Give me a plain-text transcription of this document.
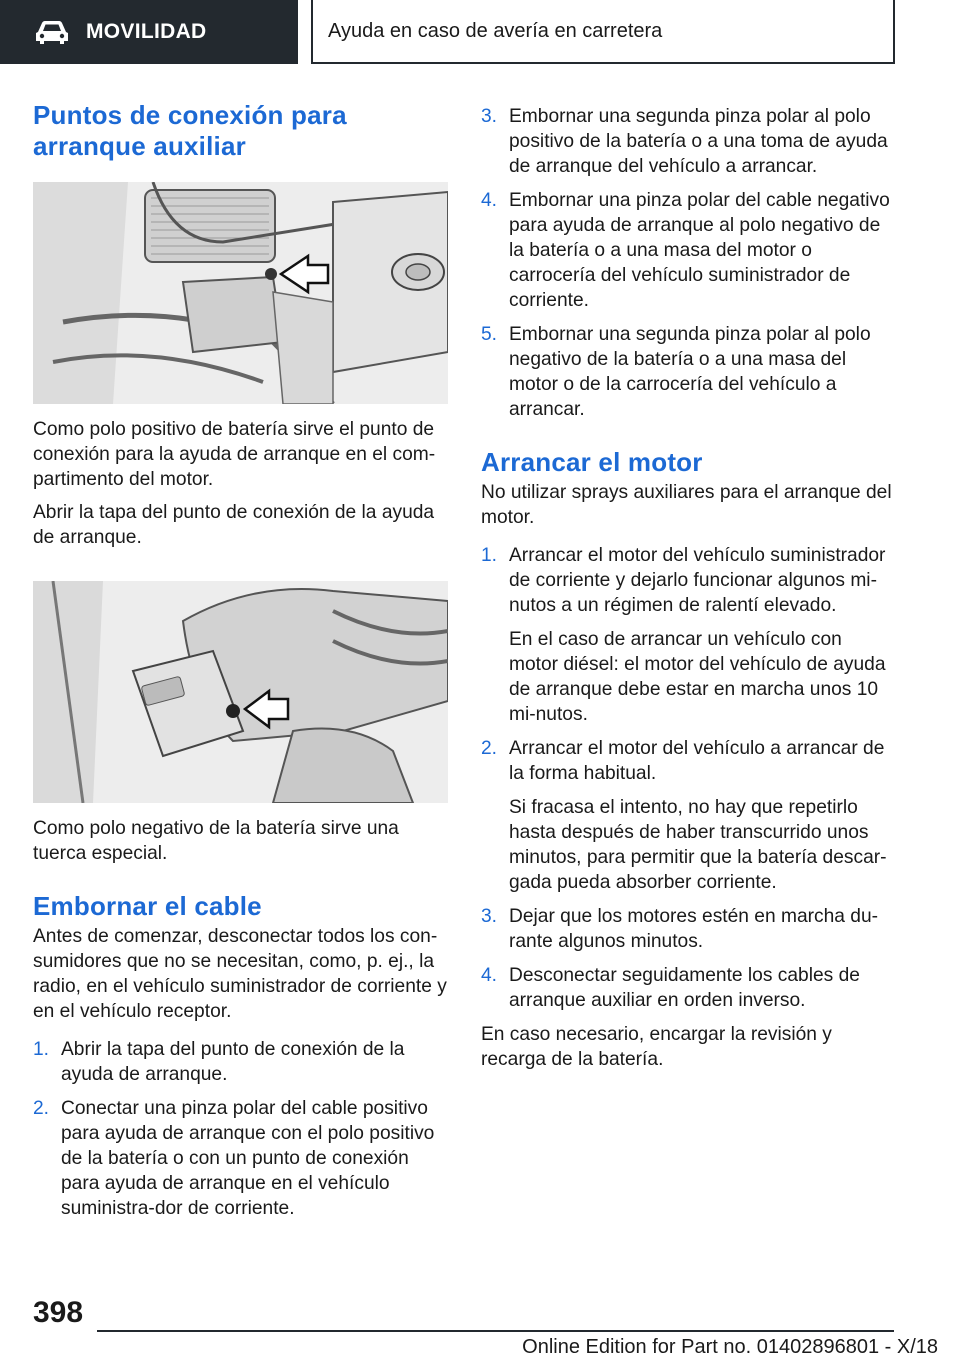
MOVILIDAD	Ayuda en caso de avería en carretera
Puntos de conexión para arranque auxiliar

Como polo positivo de batería sirve el punto de conexión para la ayuda de arranque en el com-partimento del motor.

Abrir la tapa del punto de conexión de la ayuda de arranque.

Como polo negativo de la batería sirve una tuerca especial.

Embornar el cable

Antes de comenzar, desconectar todos los con-sumidores que no se necesitan, como, p. ej., la radio, en el vehículo suministrador de corriente y en el vehículo receptor.

1. Abrir la tapa del punto de conexión de la ayuda de arranque.

2. Conectar una pinza polar del cable positivo para ayuda de arranque con el polo positivo de la batería o con un punto de conexión para ayuda de arranque en el vehículo suministra-dor de corriente.

3. Embornar una segunda pinza polar al polo positivo de la batería o a una toma de ayuda de arranque del vehículo a arrancar.

4. Embornar una pinza polar del cable negativo para ayuda de arranque al polo negativo de la batería o a una masa del motor o carrocería del vehículo suministrador de corriente.

5. Embornar una segunda pinza polar al polo negativo de la batería o a una masa del motor o de la carrocería del vehículo a arrancar.

Arrancar el motor

No utilizar sprays auxiliares para el arranque del motor.

1. Arrancar el motor del vehículo suministrador de corriente y dejarlo funcionar algunos mi-nutos a un régimen de ralentí elevado.

En el caso de arrancar un vehículo con motor diésel: el motor del vehículo de ayuda de arranque debe estar en marcha unos 10 mi-nutos.

2. Arrancar el motor del vehículo a arrancar de la forma habitual.

Si fracasa el intento, no hay que repetirlo hasta después de haber transcurrido unos minutos, para permitir que la batería descar-gada pueda absorber corriente.

3. Dejar que los motores estén en marcha du-rante algunos minutos.

4. Desconectar seguidamente los cables de arranque auxiliar en orden inverso.

En caso necesario, encargar la revisión y recarga de la batería.

398
Online Edition for Part no. 01402896801 - X/18
